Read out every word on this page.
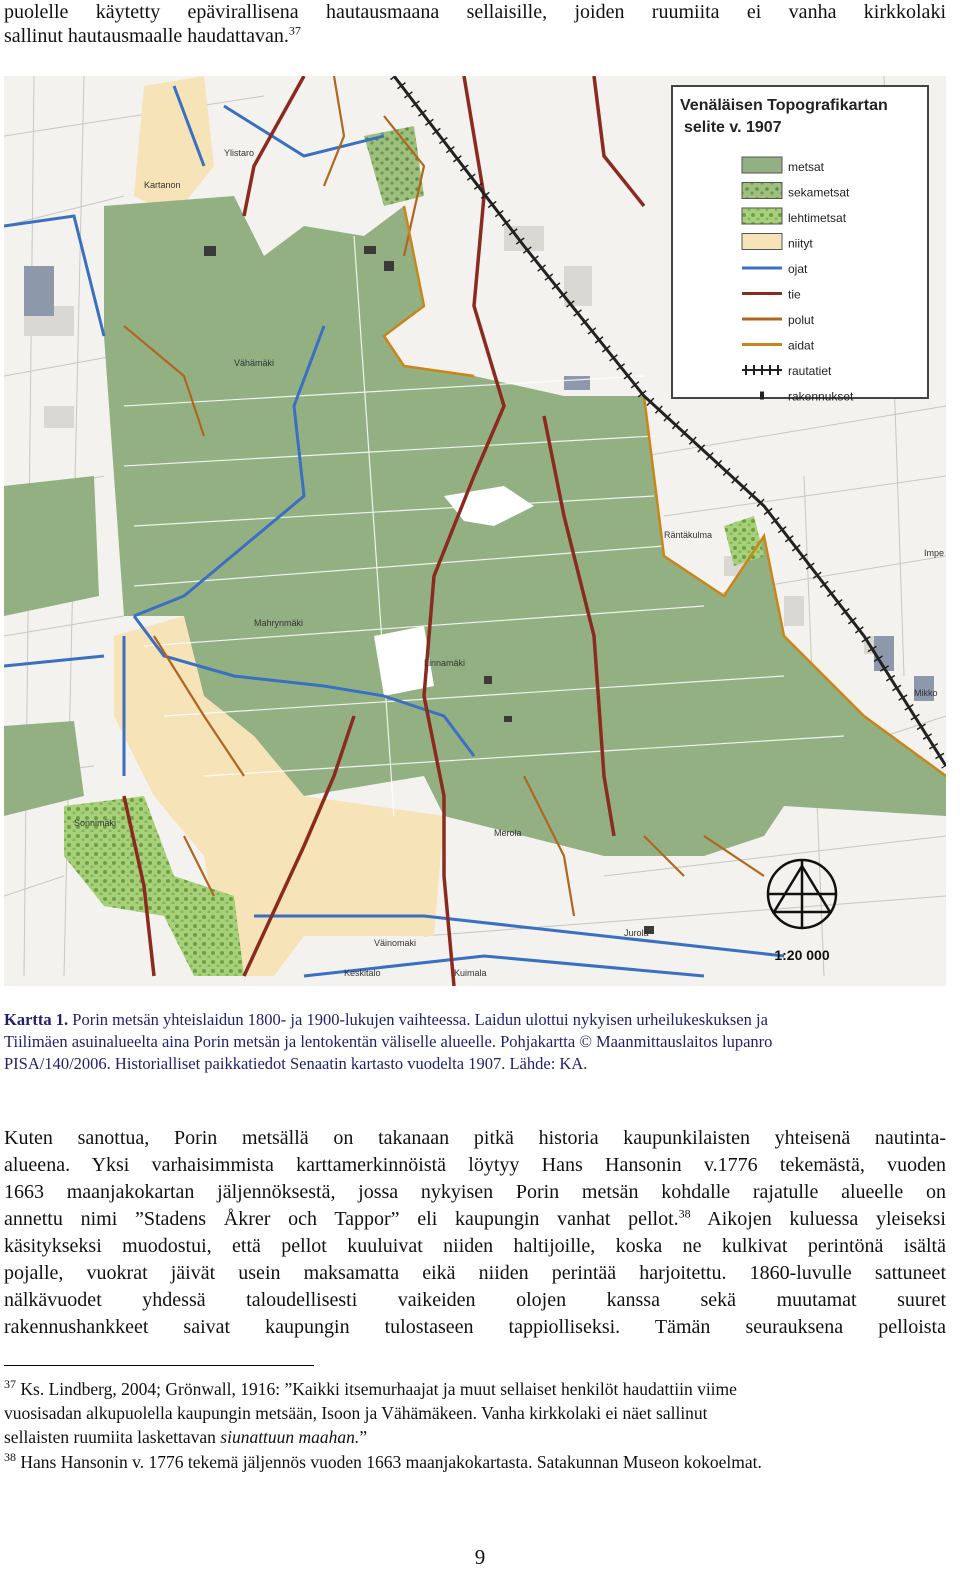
puolelle käytetty epävirallisena hautausmaana sellaisille, joiden ruumiita ei vanha kirkkolaki
sallinut hautausmaalle haudattavan.$^{37}$
Kartanon
Ylistaro
Vähämäki
Mahrynmäki
Linnamäki
Sonnimäki
Merola
Väinomaki
Keskitalo	Kuimala
Jurola
Räntäkulma
Impe
Mikko
Venäläisen Topografikartan
selite v. 1907
metsat
sekametsat
lehtimetsat
niityt
ojat
tie
polut
aidat
rautatiet
rakennukset
1:20 000
Kartta 1. Porin metsän yhteislaidun 1800- ja 1900-lukujen vaihteessa. Laidun ulottui nykyisen urheilukeskuksen ja
Tiilimäen asuinalueelta aina Porin metsän ja lentokentän väliselle alueelle. Pohjakartta © Maanmittauslaitos lupanro
PISA/140/2006. Historialliset paikkatiedot Senaatin kartasto vuodelta 1907. Lähde: KA.
Kuten sanottua, Porin metsällä on takanaan pitkä historia kaupunkilaisten yhteisenä nautinta-
alueena. Yksi varhaisimmista karttamerkinnöistä löytyy Hans Hansonin v.1776 tekemästä, vuoden
1663 maanjakokartan jäljennöksestä, jossa nykyisen Porin metsän kohdalle rajatulle alueelle on
annettu nimi ”Stadens Åkrer och Tappor” eli kaupungin vanhat pellot.$^{38}$ Aikojen kuluessa yleiseksi
käsitykseksi muodostui, että pellot kuuluivat niiden haltijoille, koska ne kulkivat perintönä isältä
pojalle, vuokrat jäivät usein maksamatta eikä niiden perintää harjoitettu. 1860-luvulle sattuneet
nälkävuodet yhdessä taloudellisesti vaikeiden olojen kanssa sekä muutamat suuret
rakennushankkeet saivat kaupungin tulostaseen tappiolliseksi. Tämän seurauksena pelloista
$^{37}$ Ks. Lindberg, 2004; Grönwall, 1916: ”Kaikki itsemurhaajat ja muut sellaiset henkilöt haudattiin viime
vuosisadan alkupuolella kaupungin metsään, Isoon ja Vähämäkeen. Vanha kirkkolaki ei näet sallinut
sellaisten ruumiita laskettavan siunattuun maahan.”
$^{38}$ Hans Hansonin v. 1776 tekemä jäljennös vuoden 1663 maanjakokartasta. Satakunnan Museon kokoelmat.
9
